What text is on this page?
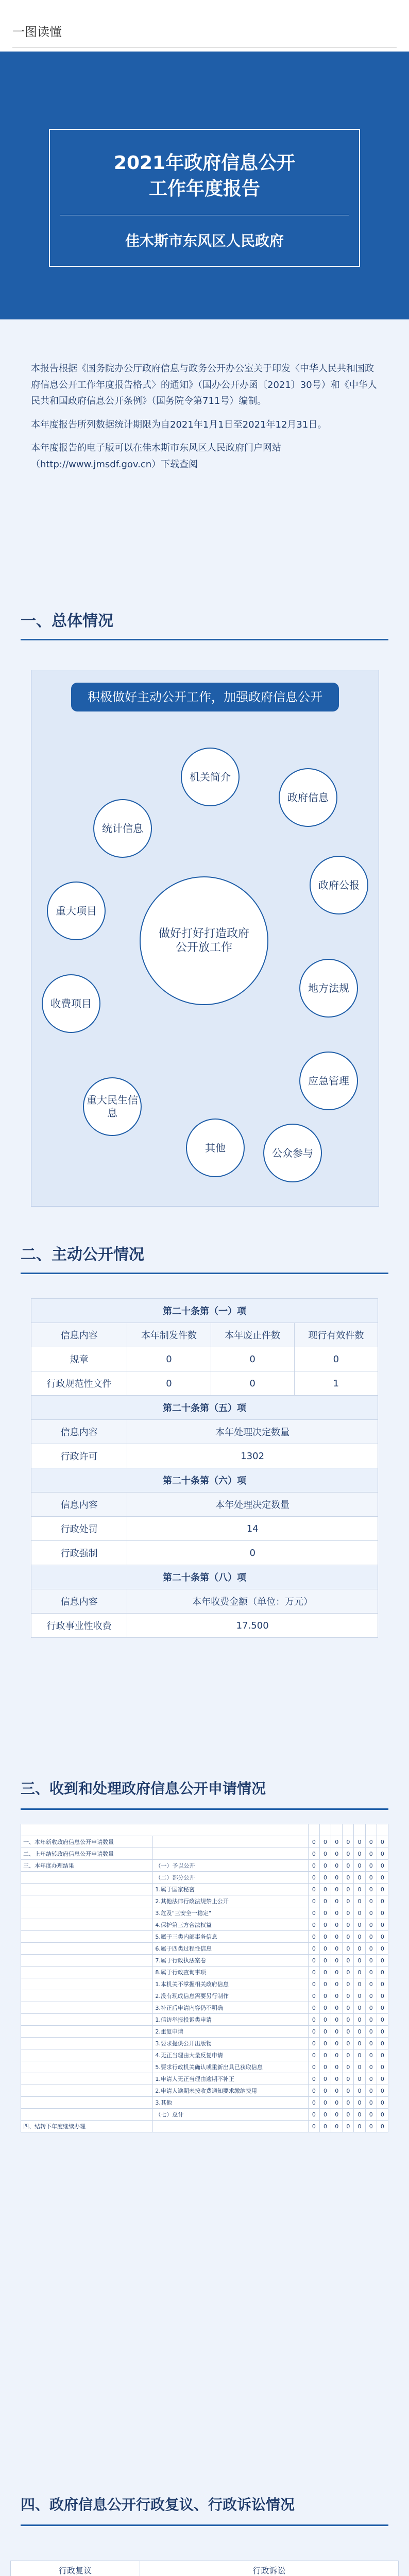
一图读懂
2021年政府信息公开
工作年度报告
佳木斯市东风区人民政府

本报告根据《国务院办公厅政府信息与政务公开办公室关于印发〈中华人民共和国政府信息公开工作年度报告格式〉的通知》（国办公开办函〔2021〕30号）和《中华人民共和国政府信息公开条例》（国务院令第711号）编制。

本年度报告所列数据统计期限为自2021年1月1日至2021年12月31日。

本年度报告的电子版可以在佳木斯市东风区人民政府门户网站（http://www.jmsdf.gov.cn）下载查阅

一、总体情况
积极做好主动公开工作，加强政府信息公开
机关简介
政府信息
政府公报
统计信息
重大项目
地方法规
收费项目
应急管理
重大民生信息
其他	公众参与
做好打好打造政府公开放工作
二、主动公开情况
第二十条第（一）项			
信息内容	本年制发件数	本年废止件数	现行有效件数
规章	0	0	0
行政规范性文件	0	0	1
第二十条第（五）项			
信息内容	本年处理决定数量		
行政许可	1302		
第二十条第（六）项			
信息内容	本年处理决定数量		
行政处罚	14		
行政强制	0		
第二十条第（八）项			
信息内容	本年收费金额（单位：万元）		
行政事业性收费	17.500		
三、收到和处理政府信息公开申请情况

一、本年新收政府信息公开申请数量		0	0	0	0	0	0	0
二、上年结转政府信息公开申请数量		0	0	0	0	0	0	0
三、本年度办理结果	（一）予以公开	0	0	0	0	0	0	0
	（二）部分公开	0	0	0	0	0	0	0
	1.属于国家秘密	0	0	0	0	0	0	0
	2.其他法律行政法规禁止公开	0	0	0	0	0	0	0
	3.危及"三安全一稳定"	0	0	0	0	0	0	0
	4.保护第三方合法权益	0	0	0	0	0	0	0
	5.属于三类内部事务信息	0	0	0	0	0	0	0
	6.属于四类过程性信息	0	0	0	0	0	0	0
	7.属于行政执法案卷	0	0	0	0	0	0	0
	8.属于行政查询事项	0	0	0	0	0	0	0
	1.本机关不掌握相关政府信息	0	0	0	0	0	0	0
	2.没有现成信息需要另行制作	0	0	0	0	0	0	0
	3.补正后申请内容仍不明确	0	0	0	0	0	0	0
	1.信访举报投诉类申请	0	0	0	0	0	0	0
	2.重复申请	0	0	0	0	0	0	0
	3.要求提供公开出版物	0	0	0	0	0	0	0
	4.无正当理由大量反复申请	0	0	0	0	0	0	0
	5.要求行政机关确认或重新出具已获取信息	0	0	0	0	0	0	0
	1.申请人无正当理由逾期不补正	0	0	0	0	0	0	0
	2.申请人逾期未按收费通知要求缴纳费用	0	0	0	0	0	0	0
	3.其他	0	0	0	0	0	0	0
	（七）总计	0	0	0	0	0	0	0
四、结转下年度继续办理		0	0	0	0	0	0	0
四、政府信息公开行政复议、行政诉讼情况
行政复议					行政诉讼									
